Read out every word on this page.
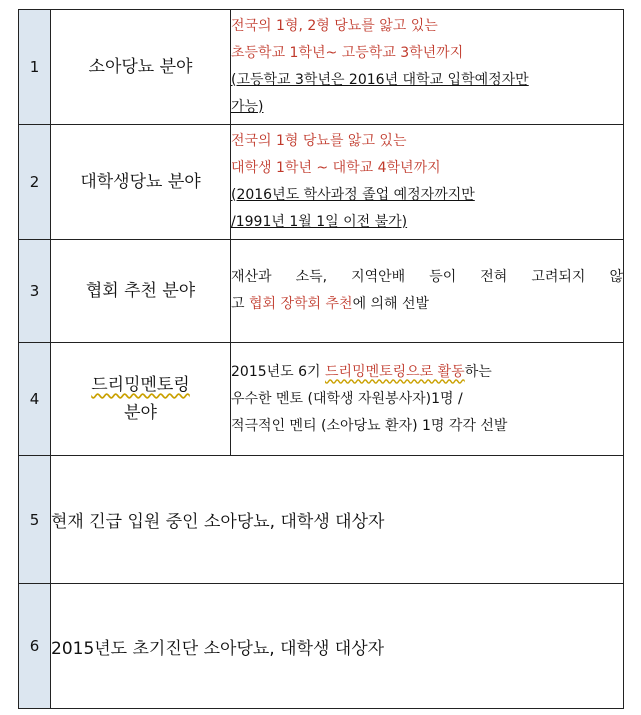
1	소아당뇨 분야	전국의 1형, 2형 당뇨를 앓고 있는
초등학교 1학년~ 고등학교 3학년까지
(고등학교 3학년은 2016년 대학교 입학예정자만
가능)

2	대학생당뇨 분야	전국의 1형 당뇨를 앓고 있는
대학생 1학년 ~ 대학교 4학년까지
(2016년도 학사과정 졸업 예정자까지만
/1991년 1월 1일 이전 불가)

3	협회 추천 분야	재산과 소득, 지역안배 등이 전혀 고려되지 않
고 협회 장학회 추천에 의해 선발

4	드리밍멘토링
분야	2015년도 6기 드리밍멘토링으로 활동하는
우수한 멘토 (대학생 자원봉사자)1명 /
적극적인 멘티 (소아당뇨 환자) 1명 각각 선발

5	현재 긴급 입원 중인 소아당뇨, 대학생 대상자	
6	2015년도 초기진단 소아당뇨, 대학생 대상자	
